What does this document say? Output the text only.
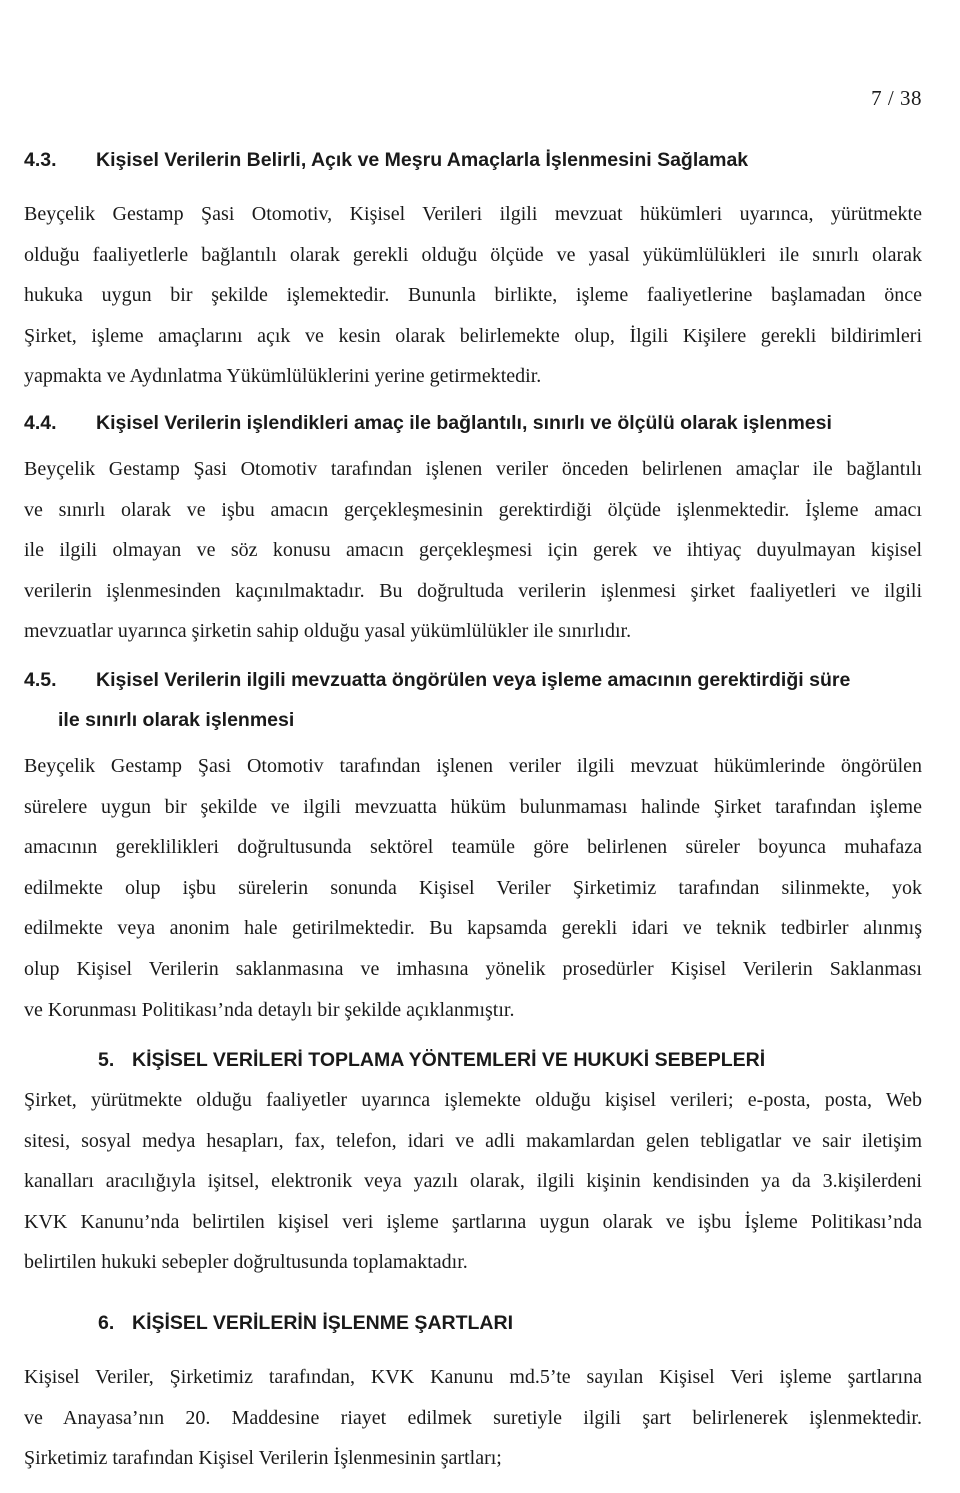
7 / 38
4.3.	Kişisel Verilerin Belirli, Açık ve Meşru Amaçlarla İşlenmesini Sağlamak

Beyçelik Gestamp Şasi Otomotiv, Kişisel Verileri ilgili mevzuat hükümleri uyarınca, yürütmekte
olduğu faaliyetlerle bağlantılı olarak gerekli olduğu ölçüde ve yasal yükümlülükleri ile sınırlı olarak
hukuka uygun bir şekilde işlemektedir. Bununla birlikte, işleme faaliyetlerine başlamadan önce
Şirket, işleme amaçlarını açık ve kesin olarak belirlemekte olup, İlgili Kişilere gerekli bildirimleri
yapmakta ve Aydınlatma Yükümlülüklerini yerine getirmektedir.

4.4.	Kişisel Verilerin işlendikleri amaç ile bağlantılı, sınırlı ve ölçülü olarak işlenmesi

Beyçelik Gestamp Şasi Otomotiv tarafından işlenen veriler önceden belirlenen amaçlar ile bağlantılı
ve sınırlı olarak ve işbu amacın gerçekleşmesinin gerektirdiği ölçüde işlenmektedir. İşleme amacı
ile ilgili olmayan ve söz konusu amacın gerçekleşmesi için gerek ve ihtiyaç duyulmayan kişisel
verilerin işlenmesinden kaçınılmaktadır. Bu doğrultuda verilerin işlenmesi şirket faaliyetleri ve ilgili
mevzuatlar uyarınca şirketin sahip olduğu yasal yükümlülükler ile sınırlıdır.

4.5. Kişisel Verilerin ilgili mevzuatta öngörülen veya işleme amacının gerektirdiği süre
ile sınırlı olarak işlenmesi

Beyçelik Gestamp Şasi Otomotiv tarafından işlenen veriler ilgili mevzuat hükümlerinde öngörülen
sürelere uygun bir şekilde ve ilgili mevzuatta hüküm bulunmaması halinde Şirket tarafından işleme
amacının gereklilikleri doğrultusunda sektörel teamüle göre belirlenen süreler boyunca muhafaza
edilmekte olup işbu sürelerin sonunda Kişisel Veriler Şirketimiz tarafından silinmekte, yok
edilmekte veya anonim hale getirilmektedir. Bu kapsamda gerekli idari ve teknik tedbirler alınmış
olup Kişisel Verilerin saklanmasına ve imhasına yönelik prosedürler Kişisel Verilerin Saklanması
ve Korunması Politikası’nda detaylı bir şekilde açıklanmıştır.

5. KİŞİSEL VERİLERİ TOPLAMA YÖNTEMLERİ VE HUKUKİ SEBEPLERİ

Şirket, yürütmekte olduğu faaliyetler uyarınca işlemekte olduğu kişisel verileri; e-posta, posta, Web
sitesi, sosyal medya hesapları, fax, telefon, idari ve adli makamlardan gelen tebligatlar ve sair iletişim
kanalları aracılığıyla işitsel, elektronik veya yazılı olarak, ilgili kişinin kendisinden ya da 3.kişilerdeni
KVK Kanunu’nda belirtilen kişisel veri işleme şartlarına uygun olarak ve işbu İşleme Politikası’nda
belirtilen hukuki sebepler doğrultusunda toplamaktadır.

6. KİŞİSEL VERİLERİN İŞLENME ŞARTLARI

Kişisel Veriler, Şirketimiz tarafından, KVK Kanunu md.5’te sayılan Kişisel Veri işleme şartlarına
ve Anayasa’nın 20. Maddesine riayet edilmek suretiyle ilgili şart belirlenerek işlenmektedir.
Şirketimiz tarafından Kişisel Verilerin İşlenmesinin şartları;
